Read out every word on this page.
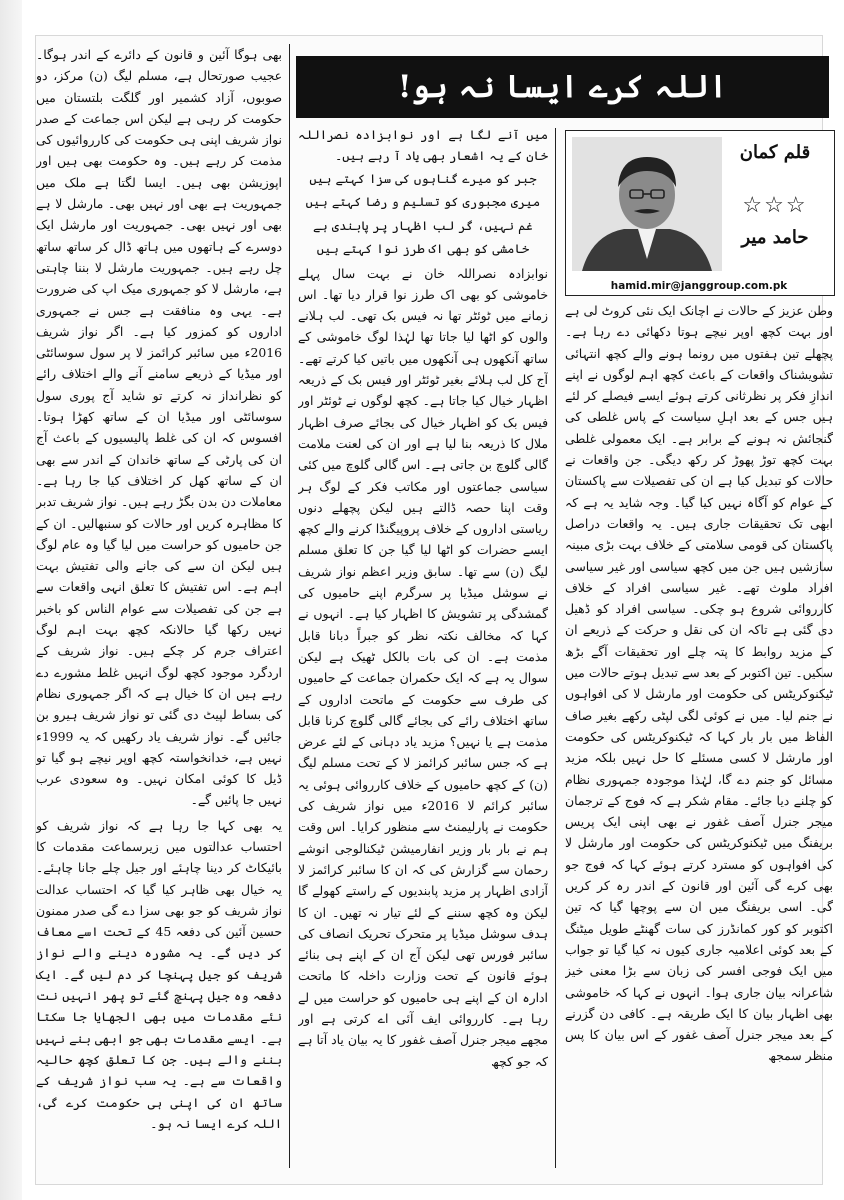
اللہ کرے ایسا نہ ہو!
قلم کمان
☆☆☆
حامد میر
hamid.mir@janggroup.com.pk

وطن عزیز کے حالات نے اچانک ایک نئی کروٹ لی ہے اور بہت کچھ اوپر نیچے ہوتا دکھائی دے رہا ہے۔ پچھلے تین ہفتوں میں رونما ہونے والے کچھ انتہائی تشویشناک واقعات کے باعث کچھ اہم لوگوں نے اپنے اندازِ فکر پر نظرثانی کرتے ہوئے ایسے فیصلے کر لئے ہیں جس کے بعد اہلِ سیاست کے پاس غلطی کی گنجائش نہ ہونے کے برابر ہے۔ ایک معمولی غلطی بہت کچھ توڑ پھوڑ کر رکھ دیگی۔ جن واقعات نے حالات کو تبدیل کیا ہے ان کی تفصیلات سے پاکستان کے عوام کو آگاہ نہیں کیا گیا۔ وجہ شاید یہ ہے کہ ابھی تک تحقیقات جاری ہیں۔ یہ واقعات دراصل پاکستان کی قومی سلامتی کے خلاف بہت بڑی مبینہ سازشیں ہیں جن میں کچھ سیاسی اور غیر سیاسی افراد ملوث تھے۔ غیر سیاسی افراد کے خلاف کارروائی شروع ہو چکی۔ سیاسی افراد کو ڈھیل دی گئی ہے تاکہ ان کی نقل و حرکت کے ذریعے ان کے مزید روابط کا پتہ چلے اور تحقیقات آگے بڑھ سکیں۔ تین اکتوبر کے بعد سے تبدیل ہوتے حالات میں ٹیکنوکریٹس کی حکومت اور مارشل لا کی افواہوں نے جنم لیا۔ میں نے کوئی لگی لپٹی رکھے بغیر صاف الفاظ میں بار بار کہا کہ ٹیکنوکریٹس کی حکومت اور مارشل لا کسی مسئلے کا حل نہیں بلکہ مزید مسائل کو جنم دے گا، لہٰذا موجودہ جمہوری نظام کو چلنے دیا جائے۔ مقام شکر ہے کہ فوج کے ترجمان میجر جنرل آصف غفور نے بھی اپنی ایک پریس بریفنگ میں ٹیکنوکریٹس کی حکومت اور مارشل لا کی افواہوں کو مسترد کرتے ہوئے کہا کہ فوج جو بھی کرے گی آئین اور قانون کے اندر رہ کر کریں گی۔ اسی بریفنگ میں ان سے پوچھا گیا کہ تین اکتوبر کو کور کمانڈرز کی سات گھنٹے طویل میٹنگ کے بعد کوئی اعلامیہ جاری کیوں نہ کیا گیا تو جواب میں ایک فوجی افسر کی زبان سے بڑا معنی خیز شاعرانہ بیان جاری ہوا۔ انہوں نے کہا کہ خاموشی بھی اظہار بیان کا ایک طریقہ ہے۔ کافی دن گزرنے کے بعد میجر جنرل آصف غفور کے اس بیان کا پس منظر سمجھ

میں آنے لگا ہے اور نوابزادہ نصراللہ خان کے یہ اشعار بھی یاد آ رہے ہیں۔

جبر کو میرے گناہوں کی سزا کہتے ہیں
میری مجبوری کو تسلیم و رضا کہتے ہیں
غم نہیں، گر لب اظہار پر پابندی ہے
خامشی کو بھی اک طرز نوا کہتے ہیں

نوابزادہ نصراللہ خان نے بہت سال پہلے خاموشی کو بھی اک طرز نوا قرار دیا تھا۔ اس زمانے میں ٹوئٹر تھا نہ فیس بک تھی۔ لب ہلانے والوں کو اٹھا لیا جاتا تھا لہٰذا لوگ خاموشی کے ساتھ آنکھوں ہی آنکھوں میں باتیں کیا کرتے تھے۔ آج کل لب ہلائے بغیر ٹوئٹر اور فیس بک کے ذریعہ اظہار خیال کیا جاتا ہے۔ کچھ لوگوں نے ٹوئٹر اور فیس بک کو اظہار خیال کی بجائے صرف اظہار ملال کا ذریعہ بنا لیا ہے اور ان کی لعنت ملامت گالی گلوچ بن جاتی ہے۔ اس گالی گلوچ میں کئی سیاسی جماعتوں اور مکاتب فکر کے لوگ ہر وقت اپنا حصہ ڈالتے ہیں لیکن پچھلے دنوں ریاستی اداروں کے خلاف پروپیگنڈا کرنے والے کچھ ایسے حضرات کو اٹھا لیا گیا جن کا تعلق مسلم لیگ (ن) سے تھا۔ سابق وزیر اعظم نواز شریف نے سوشل میڈیا پر سرگرم اپنے حامیوں کی گمشدگی پر تشویش کا اظہار کیا ہے۔ انہوں نے کہا کہ مخالف نکتہ نظر کو جبراً دبانا قابل مذمت ہے۔ ان کی بات بالکل ٹھیک ہے لیکن سوال یہ ہے کہ ایک حکمران جماعت کے حامیوں کی طرف سے حکومت کے ماتحت اداروں کے ساتھ اختلاف رائے کی بجائے گالی گلوچ کرنا قابل مذمت ہے یا نہیں؟ مزید یاد دہانی کے لئے عرض ہے کہ جس سائبر کرائمز لا کے تحت مسلم لیگ (ن) کے کچھ حامیوں کے خلاف کارروائی ہوئی یہ سائبر کرائم لا 2016ء میں نواز شریف کی حکومت نے پارلیمنٹ سے منظور کرایا۔ اس وقت ہم نے بار بار وزیر انفارمیشن ٹیکنالوجی انوشے رحمان سے گزارش کی کہ ان کا سائبر کرائمز لا آزادی اظہار پر مزید پابندیوں کے راستے کھولے گا لیکن وہ کچھ سننے کے لئے تیار نہ تھیں۔ ان کا ہدف سوشل میڈیا پر متحرک تحریک انصاف کی سائبر فورس تھی لیکن آج ان کے اپنے ہی بنائے ہوئے قانون کے تحت وزارت داخلہ کا ماتحت ادارہ ان کے اپنے ہی حامیوں کو حراست میں لے رہا ہے۔ کارروائی ایف آئی اے کرتی ہے اور مجھے میجر جنرل آصف غفور کا یہ بیان یاد آتا ہے کہ جو کچھ

بھی ہوگا آئین و قانون کے دائرے کے اندر ہوگا۔ عجیب صورتحال ہے، مسلم لیگ (ن) مرکز، دو صوبوں، آزاد کشمیر اور گلگت بلتستان میں حکومت کر رہی ہے لیکن اس جماعت کے صدر نواز شریف اپنی ہی حکومت کی کارروائیوں کی مذمت کر رہے ہیں۔ وہ حکومت بھی ہیں اور اپوزیشن بھی ہیں۔ ایسا لگتا ہے ملک میں جمہوریت ہے بھی اور نہیں بھی۔ مارشل لا ہے بھی اور نہیں بھی۔ جمہوریت اور مارشل ایک دوسرے کے ہاتھوں میں ہاتھ ڈال کر ساتھ ساتھ چل رہے ہیں۔ جمہوریت مارشل لا بننا چاہتی ہے، مارشل لا کو جمہوری میک اپ کی ضرورت ہے۔ یہی وہ منافقت ہے جس نے جمہوری اداروں کو کمزور کیا ہے۔ اگر نواز شریف 2016ء میں سائبر کرائمز لا پر سول سوسائٹی اور میڈیا کے ذریعے سامنے آنے والے اختلاف رائے کو نظرانداز نہ کرتے تو شاید آج پوری سول سوسائٹی اور میڈیا ان کے ساتھ کھڑا ہوتا۔ افسوس کہ ان کی غلط پالیسیوں کے باعث آج ان کی پارٹی کے ساتھ خاندان کے اندر سے بھی ان کے ساتھ کھل کر اختلاف کیا جا رہا ہے۔ معاملات دن بدن بگڑ رہے ہیں۔ نواز شریف تدبر کا مظاہرہ کریں اور حالات کو سنبھالیں۔ ان کے جن حامیوں کو حراست میں لیا گیا وہ عام لوگ ہیں لیکن ان سے کی جانے والی تفتیش بہت اہم ہے۔ اس تفتیش کا تعلق انہی واقعات سے ہے جن کی تفصیلات سے عوام الناس کو باخبر نہیں رکھا گیا حالانکہ کچھ بہت اہم لوگ اعتراف جرم کر چکے ہیں۔ نواز شریف کے اردگرد موجود کچھ لوگ انہیں غلط مشورے دے رہے ہیں ان کا خیال ہے کہ اگر جمہوری نظام کی بساط لپیٹ دی گئی تو نواز شریف ہیرو بن جائیں گے۔ نواز شریف یاد رکھیں کہ یہ 1999ء نہیں ہے، خدانخواستہ کچھ اوپر نیچے ہو گیا تو ڈیل کا کوئی امکان نہیں۔ وہ سعودی عرب نہیں جا پائیں گے۔

یہ بھی کہا جا رہا ہے کہ نواز شریف کو احتساب عدالتوں میں زیرسماعت مقدمات کا بائیکاٹ کر دینا چاہئے اور جیل چلے جانا چاہئے۔ یہ خیال بھی ظاہر کیا گیا کہ احتساب عدالت نواز شریف کو جو بھی سزا دے گی صدر ممنون حسین آئین کی دفعہ 45 کے تحت اسے معاف کر دیں گے۔ یہ مشورہ دینے والے نواز شریف کو جیل پہنچا کر دم لیں گے۔ ایک دفعہ وہ جیل پہنچ گئے تو پھر انہیں نت نئے مقدمات میں بھی الجھایا جا سکتا ہے۔ ایسے مقدمات بھی جو ابھی بنے نہیں بننے والے ہیں۔ جن کا تعلق کچھ حالیہ واقعات سے ہے۔ یہ سب نواز شریف کے ساتھ ان کی اپنی ہی حکومت کرے گی، اللہ کرے ایسا نہ ہو۔
